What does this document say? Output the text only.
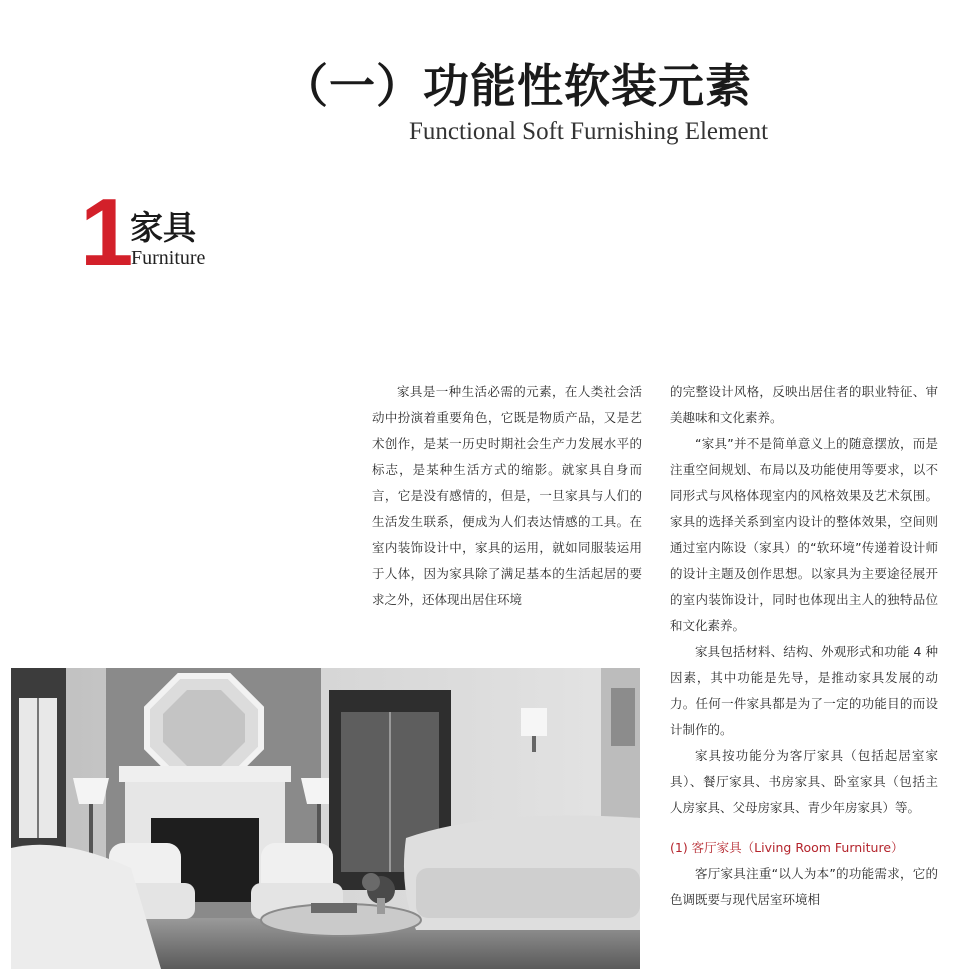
（一）功能性软装元素
Functional Soft Furnishing Element
1
家具
Furniture

家具是一种生活必需的元素，在人类社会活动中扮演着重要角色，它既是物质产品，又是艺术创作，是某一历史时期社会生产力发展水平的标志，是某种生活方式的缩影。就家具自身而言，它是没有感情的，但是，一旦家具与人们的生活发生联系，便成为人们表达情感的工具。在室内装饰设计中，家具的运用，就如同服装运用于人体，因为家具除了满足基本的生活起居的要求之外，还体现出居住环境

的完整设计风格，反映出居住者的职业特征、审美趣味和文化素养。

“家具”并不是简单意义上的随意摆放，而是注重空间规划、布局以及功能使用等要求，以不同形式与风格体现室内的风格效果及艺术氛围。家具的选择关系到室内设计的整体效果，空间则通过室内陈设（家具）的“软环境”传递着设计师的设计主题及创作思想。以家具为主要途径展开的室内装饰设计，同时也体现出主人的独特品位和文化素养。

家具包括材料、结构、外观形式和功能 4 种因素，其中功能是先导，是推动家具发展的动力。任何一件家具都是为了一定的功能目的而设计制作的。

家具按功能分为客厅家具（包括起居室家具）、餐厅家具、书房家具、卧室家具（包括主人房家具、父母房家具、青少年房家具）等。

(1) 客厅家具（Living Room Furniture）

客厅家具注重“以人为本”的功能需求，它的色调既要与现代居室环境相
